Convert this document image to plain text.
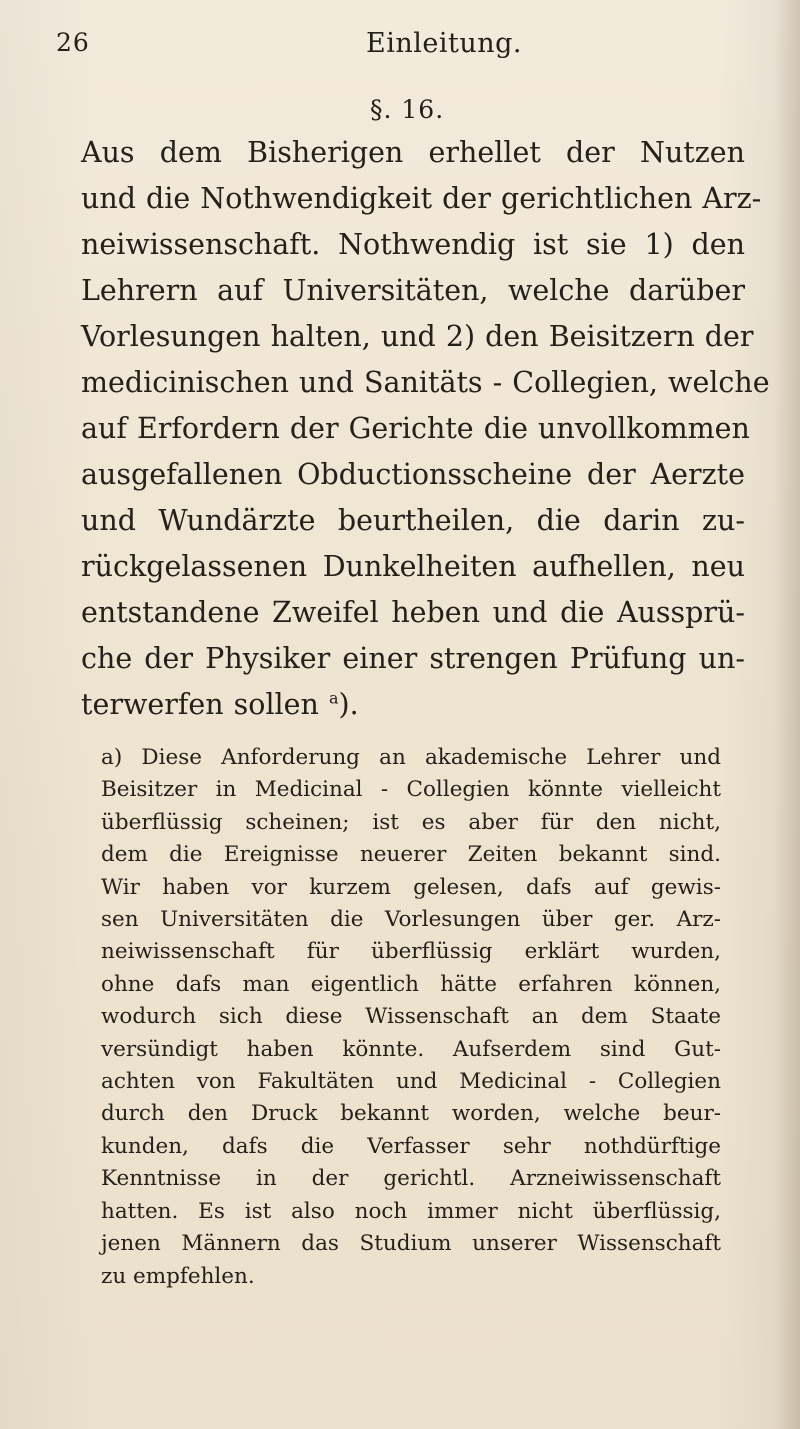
26	Einleitung.
§. 16.
Aus dem Bisherigen erhellet der Nutzen
und die Nothwendigkeit der gerichtlichen Arz-
neiwissenschaft. Nothwendig ist sie 1) den
Lehrern auf Universitäten, welche darüber
Vorlesungen halten, und 2) den Beisitzern der
medicinischen und Sanitäts - Collegien, welche
auf Erfordern der Gerichte die unvollkommen
ausgefallenen Obductionsscheine der Aerzte
und Wundärzte beurtheilen, die darin zu-
rückgelassenen Dunkelheiten aufhellen, neu
entstandene Zweifel heben und die Aussprü-
che der Physiker einer strengen Prüfung un-
terwerfen sollen $^a$).
a) Diese Anforderung an akademische Lehrer und
Beisitzer in Medicinal - Collegien könnte vielleicht
überflüssig scheinen; ist es aber für den nicht,
dem die Ereignisse neuerer Zeiten bekannt sind.
Wir haben vor kurzem gelesen, dafs auf gewis-
sen Universitäten die Vorlesungen über ger. Arz-
neiwissenschaft für überflüssig erklärt wurden,
ohne dafs man eigentlich hätte erfahren können,
wodurch sich diese Wissenschaft an dem Staate
versündigt haben könnte. Aufserdem sind Gut-
achten von Fakultäten und Medicinal - Collegien
durch den Druck bekannt worden, welche beur-
kunden, dafs die Verfasser sehr nothdürftige
Kenntnisse in der gerichtl. Arzneiwissenschaft
hatten. Es ist also noch immer nicht überflüssig,
jenen Männern das Studium unserer Wissenschaft
zu empfehlen.
